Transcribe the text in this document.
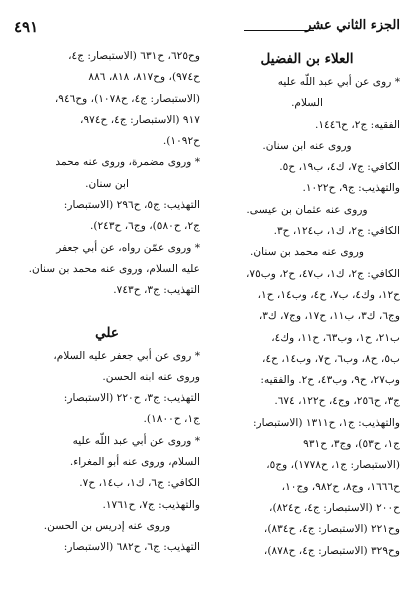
٤٩١	الجزء الثاني عشر

العلاء بن الفضيل

* روى عن أبي عبد اللّه عليه

السلام.

الفقيه: ج٢، ح١٤٤٦.

وروى عنه ابن سنان.

الكافي: ج٧، ك٤، ب١٩، ح٥.

والتهذيب: ج٩، ح١٠٢٢.

وروى عنه عثمان بن عيسى.

الكافي: ج٢، ك١، ب١٢٤، ح٣.

وروى عنه محمد بن سنان.

الكافي: ج٢، ك١، ب٤٧، ح٢، وب٧٥،

ح١٢، وك٤، ب٧، ح٤، وب١٤، ح١،

وج٦، ك٣، ب١١، ح١٧، وج٧، ك٣،

ب٢١، ح١، وب٦٣، ح١١، وك٤،

ب٥، ح٨، وب٦، ح٧، وب١٤، ح٤،

وب٢٧، ح٩، وب٤٣، ح٢. والفقيه:

ج٣، ح٢٥٦، وج٤، ح١٢٢، ٦٧٤.

والتهذيب: ج١، ح١٣١١ (الاستبصار:

ج١، ح٥٣)، وج٣، ح٩٣١

(الاستبصار: ج١، ح١٧٧٨)، وج٥،

ح١٦٦٦، وج٨، ح٩٨٢، وج١٠،

ح٢٠٠ (الاستبصار: ج٤، ح٨٢٤)،

وح٢٢١ (الاستبصار: ج٤، ح٨٣٤)،

وح٣٢٩ (الاستبصار: ج٤، ح٨٧٨)،

وح٦٢٥، ح٦٣١ (الاستبصار: ج٤،

ح٩٧٤)، وح٨١٧، ٨١٨، ٨٨٦

(الاستبصار: ج٤، ح١٠٧٨)، وح٩٤٦،

٩١٧ (الاستبصار: ج٤، ح٩٧٤،

ح١٠٩٢).

* وروى مضمرة، وروى عنه محمد

ابن سنان.

التهذيب: ج٥، ح٢٩٦ (الاستبصار:

ج٢، ح٥٨٠)، وج٦، ح٢٤٣).

* وروى عمّن رواه، عن أبي جعفر

عليه السلام، وروى عنه محمد بن سنان.

التهذيب: ج٣، ح٧٤٣.

علي

* روى عن أبي جعفر عليه السلام،

وروى عنه ابنه الحسن.

التهذيب: ج٣، ح٢٢٠ (الاستبصار:

ج١، ح١٨٠٠).

* وروى عن أبي عبد اللّه عليه

السلام، وروى عنه أبو المغراء.

الكافي: ج٦، ك١، ب١٤، ح٧.

والتهذيب: ج٧، ح١٧٦١.

وروى عنه إدريس بن الحسن.

التهذيب: ج٦، ح٦٨٢ (الاستبصار:
